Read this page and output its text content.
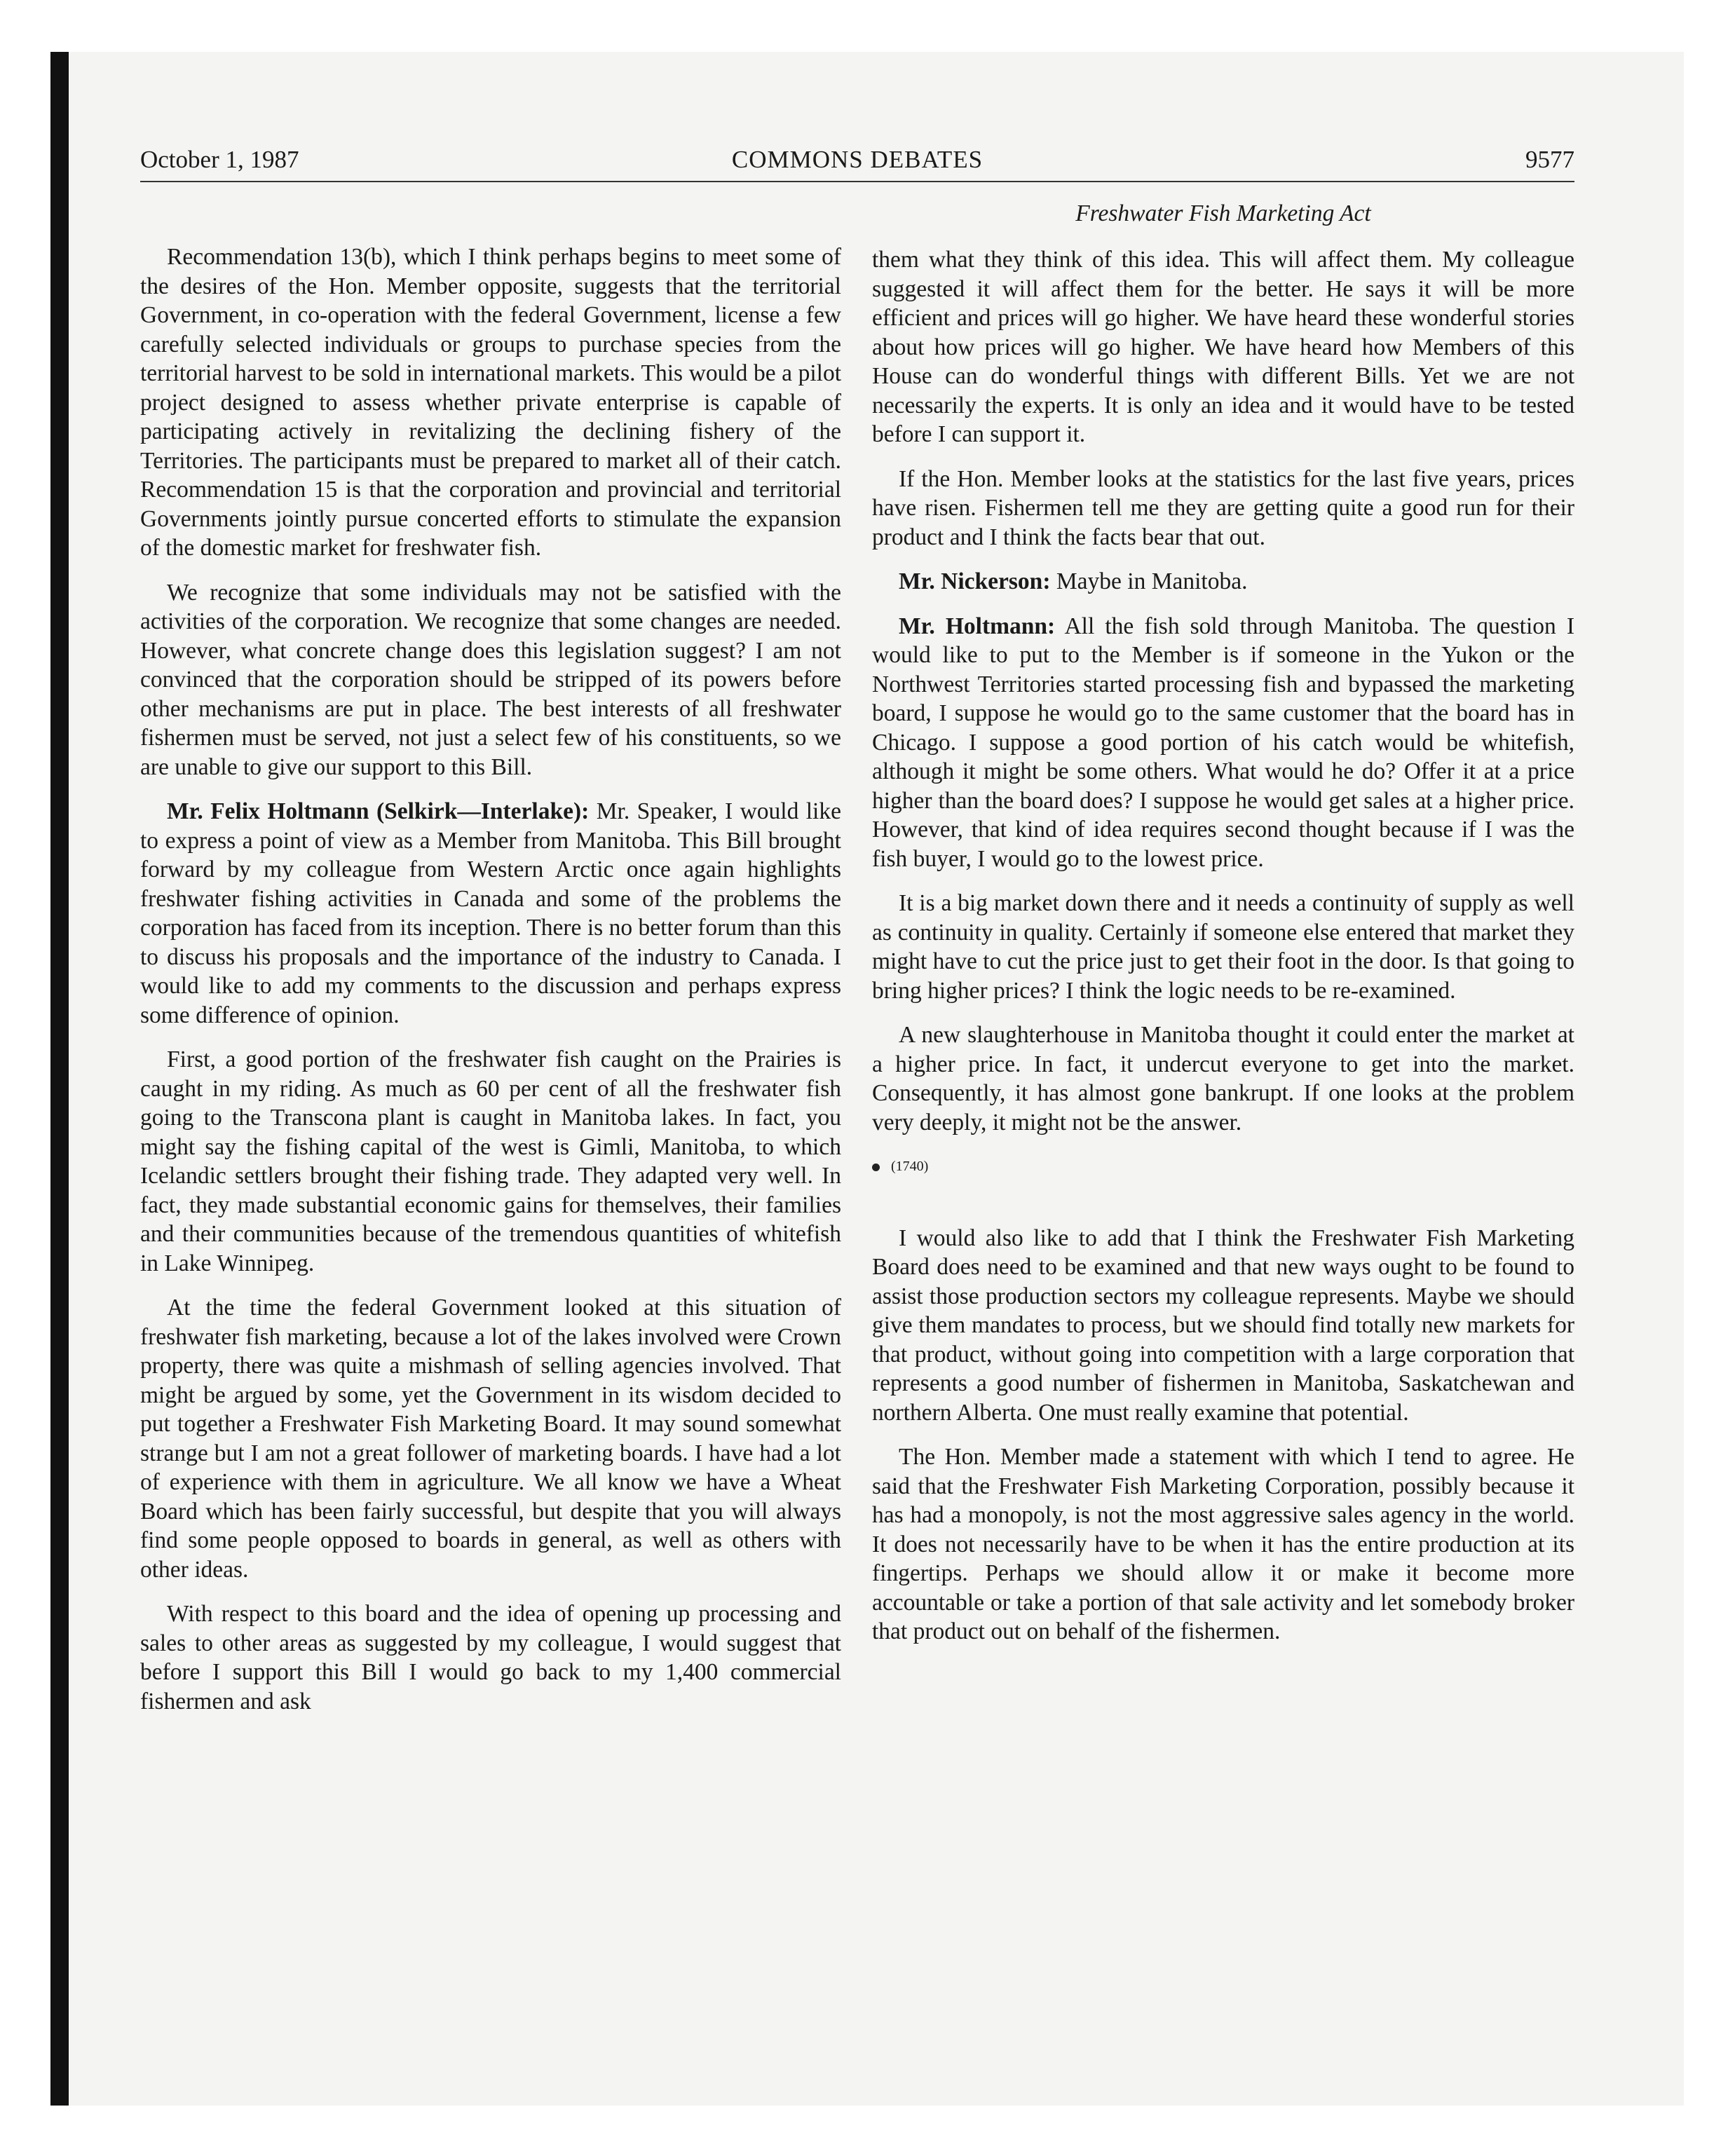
October 1, 1987	COMMONS DEBATES	9577
Freshwater Fish Marketing Act

Recommendation 13(b), which I think perhaps begins to meet some of the desires of the Hon. Member opposite, suggests that the territorial Government, in co-operation with the federal Government, license a few carefully selected individuals or groups to purchase species from the territorial harvest to be sold in international markets. This would be a pilot project designed to assess whether private enterprise is capable of participating actively in revitalizing the declining fishery of the Territories. The participants must be prepared to market all of their catch. Recommendation 15 is that the corporation and provincial and territorial Governments jointly pursue concerted efforts to stimulate the expansion of the domestic market for freshwater fish.

We recognize that some individuals may not be satisfied with the activities of the corporation. We recognize that some changes are needed. However, what concrete change does this legislation suggest? I am not convinced that the corporation should be stripped of its powers before other mechanisms are put in place. The best interests of all freshwater fishermen must be served, not just a select few of his constituents, so we are unable to give our support to this Bill.

Mr. Felix Holtmann (Selkirk—Interlake): Mr. Speaker, I would like to express a point of view as a Member from Manitoba. This Bill brought forward by my colleague from Western Arctic once again highlights freshwater fishing activities in Canada and some of the problems the corporation has faced from its inception. There is no better forum than this to discuss his proposals and the importance of the industry to Canada. I would like to add my comments to the discussion and perhaps express some difference of opinion.

First, a good portion of the freshwater fish caught on the Prairies is caught in my riding. As much as 60 per cent of all the freshwater fish going to the Transcona plant is caught in Manitoba lakes. In fact, you might say the fishing capital of the west is Gimli, Manitoba, to which Icelandic settlers brought their fishing trade. They adapted very well. In fact, they made substantial economic gains for themselves, their families and their communities because of the tremendous quantities of whitefish in Lake Winnipeg.

At the time the federal Government looked at this situation of freshwater fish marketing, because a lot of the lakes involved were Crown property, there was quite a mishmash of selling agencies involved. That might be argued by some, yet the Government in its wisdom decided to put together a Freshwater Fish Marketing Board. It may sound somewhat strange but I am not a great follower of marketing boards. I have had a lot of experience with them in agriculture. We all know we have a Wheat Board which has been fairly successful, but despite that you will always find some people opposed to boards in general, as well as others with other ideas.

With respect to this board and the idea of opening up processing and sales to other areas as suggested by my colleague, I would suggest that before I support this Bill I would go back to my 1,400 commercial fishermen and ask

them what they think of this idea. This will affect them. My colleague suggested it will affect them for the better. He says it will be more efficient and prices will go higher. We have heard these wonderful stories about how prices will go higher. We have heard how Members of this House can do wonderful things with different Bills. Yet we are not necessarily the experts. It is only an idea and it would have to be tested before I can support it.

If the Hon. Member looks at the statistics for the last five years, prices have risen. Fishermen tell me they are getting quite a good run for their product and I think the facts bear that out.

Mr. Nickerson: Maybe in Manitoba.

Mr. Holtmann: All the fish sold through Manitoba. The question I would like to put to the Member is if someone in the Yukon or the Northwest Territories started processing fish and bypassed the marketing board, I suppose he would go to the same customer that the board has in Chicago. I suppose a good portion of his catch would be whitefish, although it might be some others. What would he do? Offer it at a price higher than the board does? I suppose he would get sales at a higher price. However, that kind of idea requires second thought because if I was the fish buyer, I would go to the lowest price.

It is a big market down there and it needs a continuity of supply as well as continuity in quality. Certainly if someone else entered that market they might have to cut the price just to get their foot in the door. Is that going to bring higher prices? I think the logic needs to be re-examined.

A new slaughterhouse in Manitoba thought it could enter the market at a higher price. In fact, it undercut everyone to get into the market. Consequently, it has almost gone bankrupt. If one looks at the problem very deeply, it might not be the answer.

(1740)

I would also like to add that I think the Freshwater Fish Marketing Board does need to be examined and that new ways ought to be found to assist those production sectors my colleague represents. Maybe we should give them mandates to process, but we should find totally new markets for that product, without going into competition with a large corporation that represents a good number of fishermen in Manitoba, Saskatchewan and northern Alberta. One must really examine that potential.

The Hon. Member made a statement with which I tend to agree. He said that the Freshwater Fish Marketing Corporation, possibly because it has had a monopoly, is not the most aggressive sales agency in the world. It does not necessarily have to be when it has the entire production at its fingertips. Perhaps we should allow it or make it become more accountable or take a portion of that sale activity and let somebody broker that product out on behalf of the fishermen.
